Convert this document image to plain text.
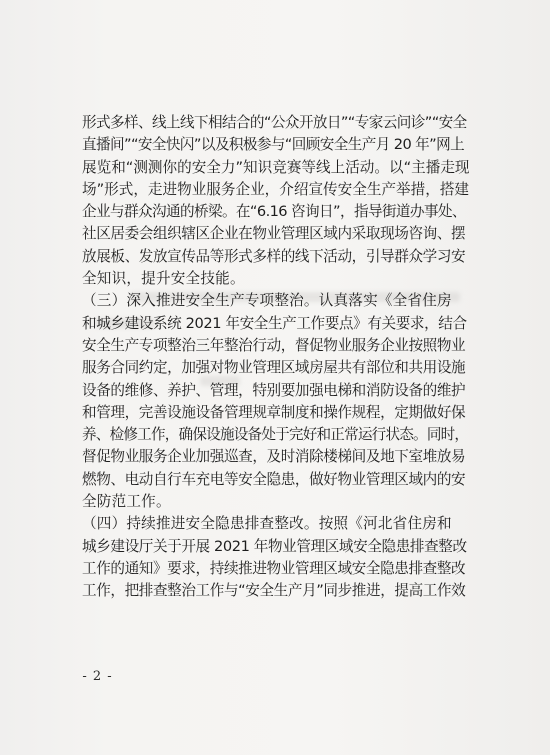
形式多样、线上线下相结合的“公众开放日”“专家云问诊”“安全
直播间”“安全快闪”以及积极参与“回顾安全生产月 20 年”网上
展览和“测测你的安全力”知识竞赛等线上活动。以“主播走现
场”形式，走进物业服务企业，介绍宣传安全生产举措，搭建
企业与群众沟通的桥梁。在“6.16 咨询日”，指导街道办事处、
社区居委会组织辖区企业在物业管理区域内采取现场咨询、摆
放展板、发放宣传品等形式多样的线下活动，引导群众学习安
全知识，提升安全技能。
（三）深入推进安全生产专项整治。认真落实《全省住房
和城乡建设系统 2021 年安全生产工作要点》有关要求，结合
安全生产专项整治三年整治行动，督促物业服务企业按照物业
服务合同约定，加强对物业管理区域房屋共有部位和共用设施
设备的维修、养护、管理，特别要加强电梯和消防设备的维护
和管理，完善设施设备管理规章制度和操作规程，定期做好保
养、检修工作，确保设施设备处于完好和正常运行状态。同时，
督促物业服务企业加强巡查，及时消除楼梯间及地下室堆放易
燃物、电动自行车充电等安全隐患，做好物业管理区域内的安
全防范工作。
（四）持续推进安全隐患排查整改。按照《河北省住房和
城乡建设厅关于开展 2021 年物业管理区域安全隐患排查整改
工作的通知》要求，持续推进物业管理区域安全隐患排查整改
工作，把排查整治工作与“安全生产月”同步推进，提高工作效
- 2 -
